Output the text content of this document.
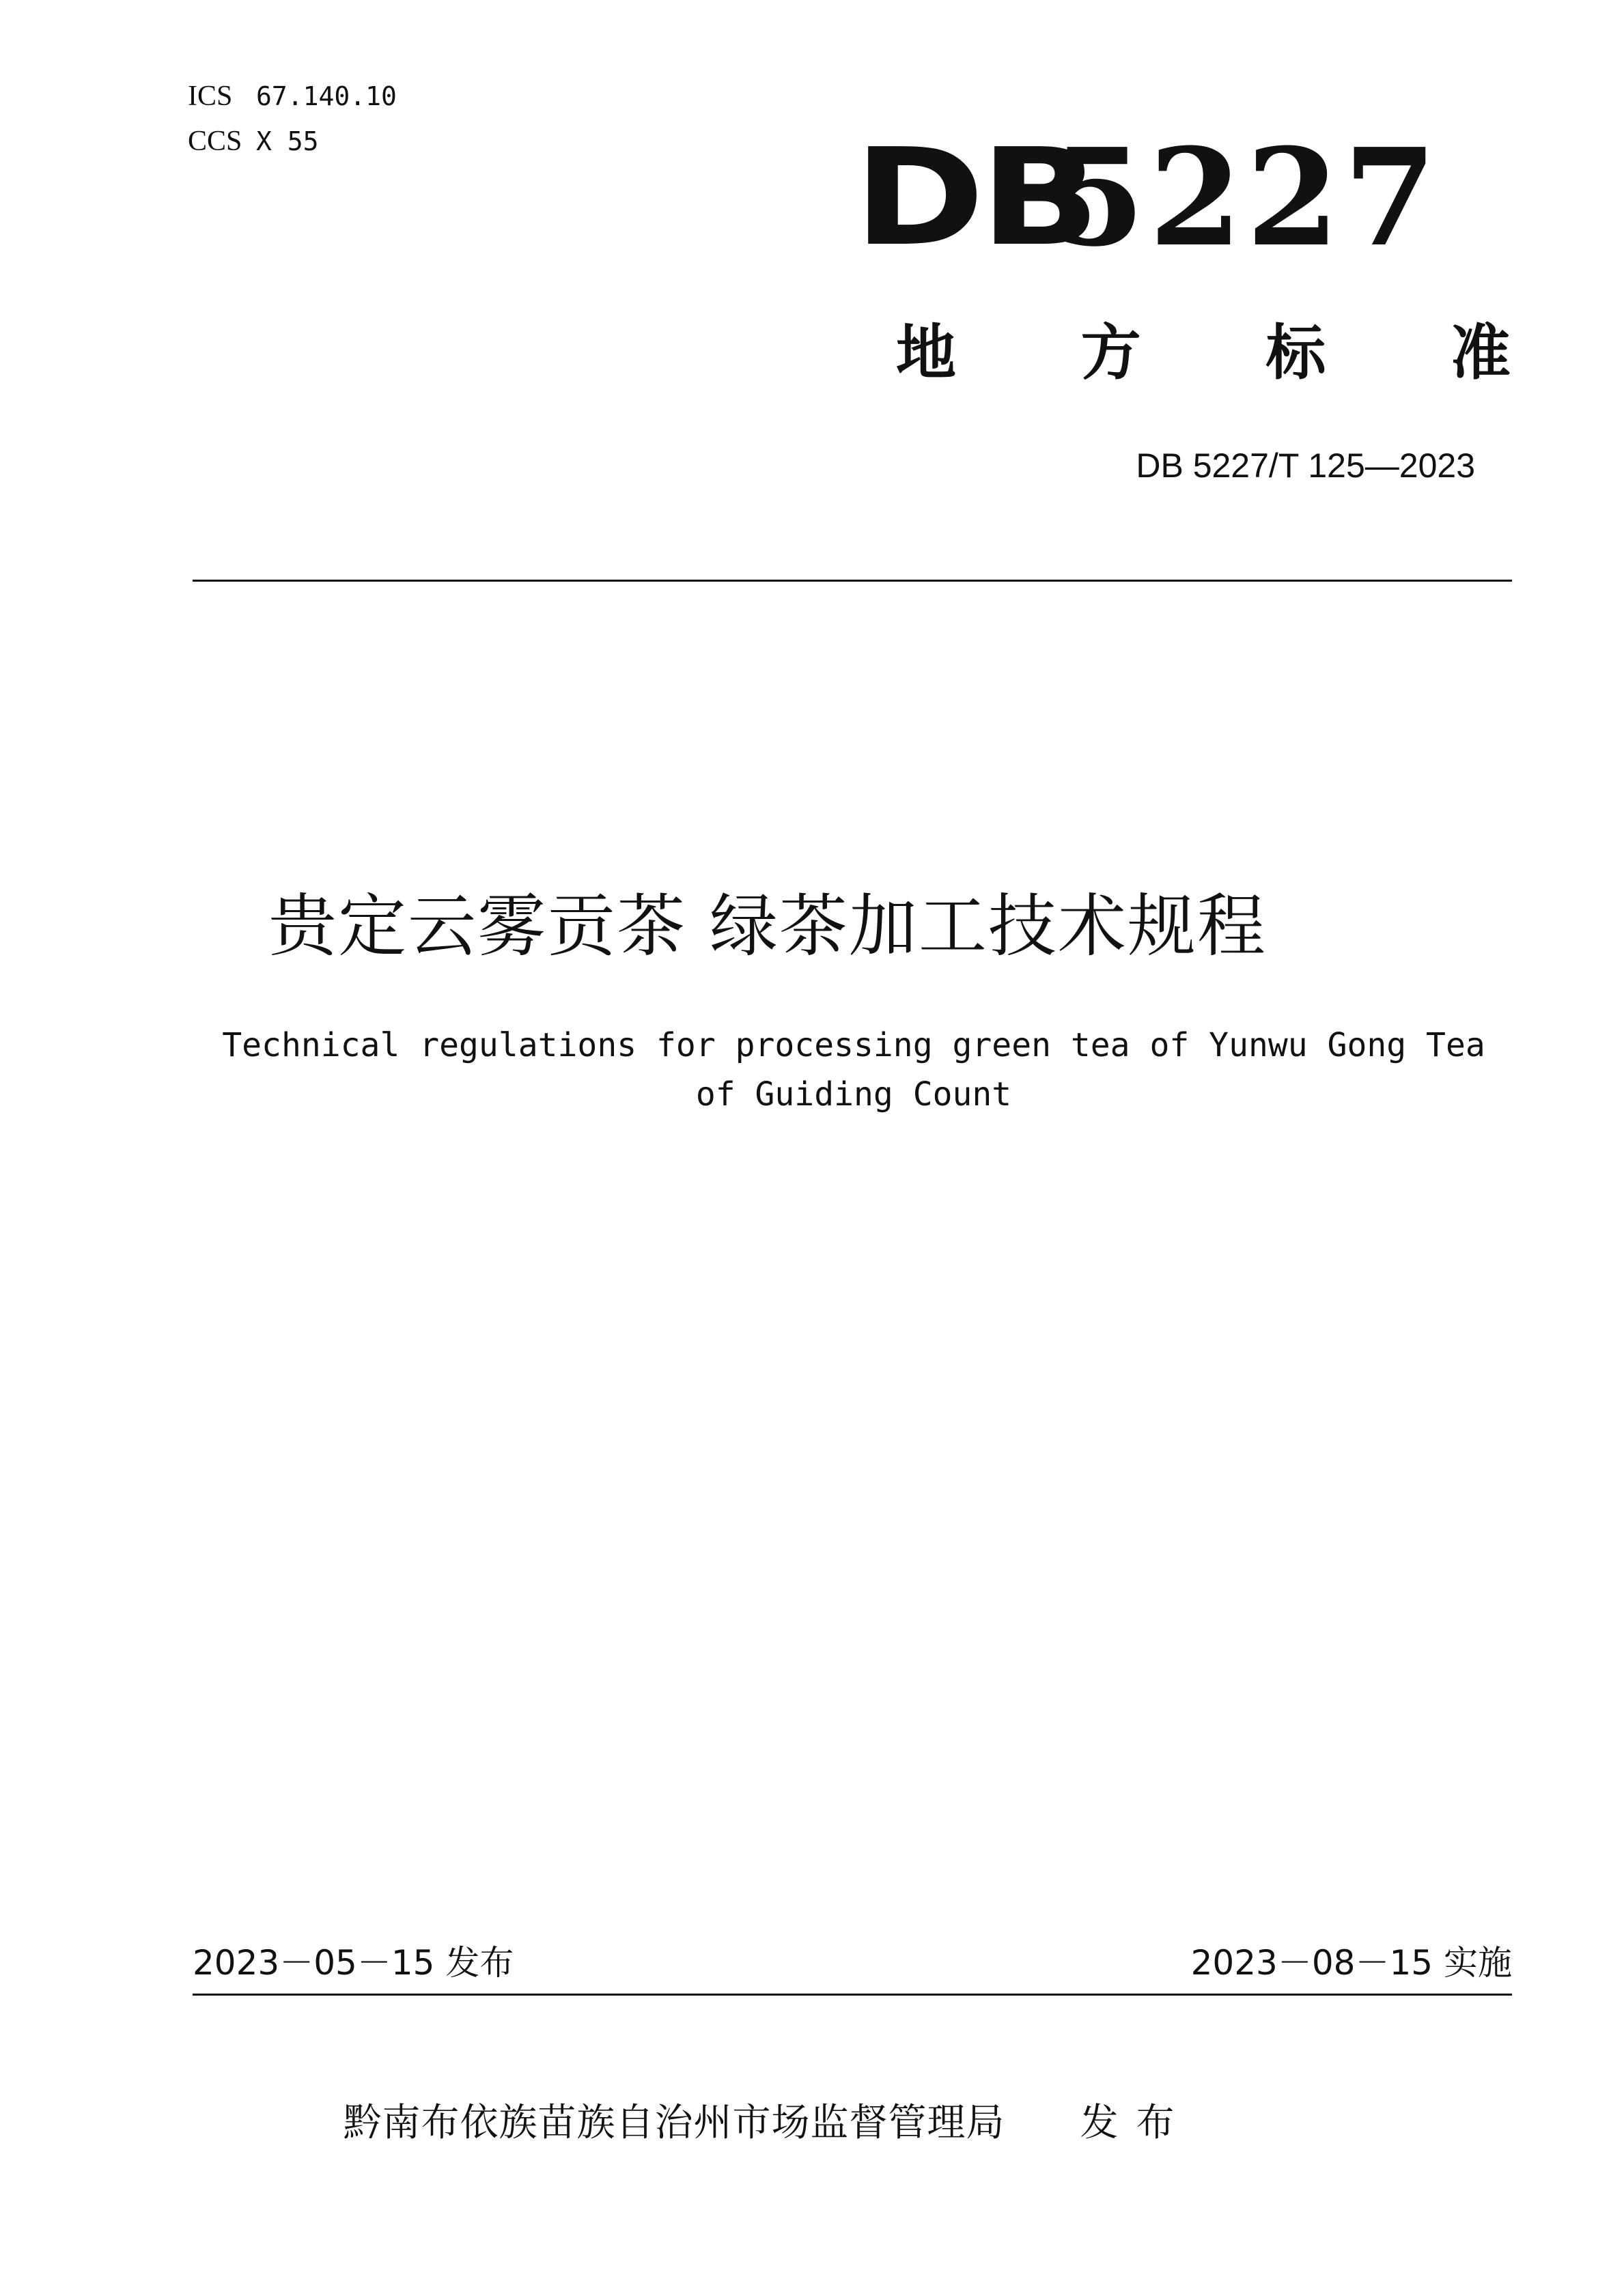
ICS 67.140.10
CCS X 55	DB
5227
地 方 标 准
DB 5227/T 125—2023
贵定云雾贡茶 绿茶加工技术规程
Technical regulations for processing green tea of Yunwu Gong Tea of Guiding Count
2023－05－15 发布	2023－08－15 实施
黔南布依族苗族自治州市场监督管理局 发布
